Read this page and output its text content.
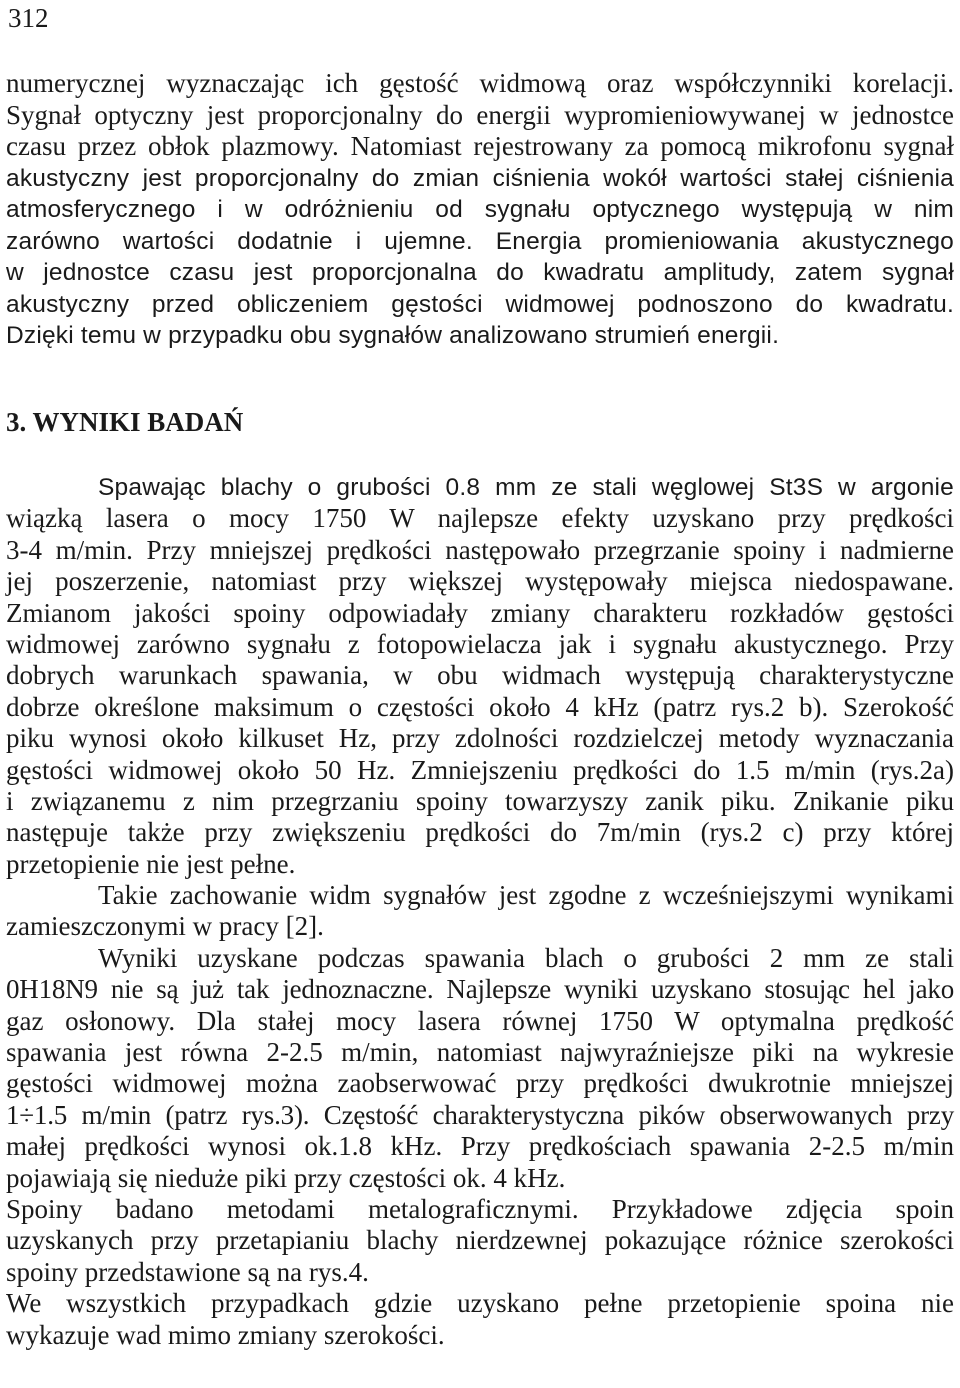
312
numerycznej wyznaczając ich gęstość widmową oraz współczynniki korelacji.
Sygnał optyczny jest proporcjonalny do energii wypromieniowywanej w jednostce
czasu przez obłok plazmowy. Natomiast rejestrowany za pomocą mikrofonu sygnał
akustyczny jest proporcjonalny do zmian ciśnienia wokół wartości stałej ciśnienia
atmosferycznego i w odróżnieniu od sygnału optycznego występują w nim
zarówno wartości dodatnie i ujemne. Energia promieniowania akustycznego
w jednostce czasu jest proporcjonalna do kwadratu amplitudy, zatem sygnał
akustyczny przed obliczeniem gęstości widmowej podnoszono do kwadratu.
Dzięki temu w przypadku obu sygnałów analizowano strumień energii.
3. WYNIKI BADAŃ
Spawając blachy o grubości 0.8 mm ze stali węglowej St3S w argonie
wiązką lasera o mocy 1750 W najlepsze efekty uzyskano przy prędkości
3-4 m/min. Przy mniejszej prędkości następowało przegrzanie spoiny i nadmierne
jej poszerzenie, natomiast przy większej występowały miejsca niedospawane.
Zmianom jakości spoiny odpowiadały zmiany charakteru rozkładów gęstości
widmowej zarówno sygnału z fotopowielacza jak i sygnału akustycznego. Przy
dobrych warunkach spawania, w obu widmach występują charakterystyczne
dobrze określone maksimum o częstości około 4 kHz (patrz rys.2 b). Szerokość
piku wynosi około kilkuset Hz, przy zdolności rozdzielczej metody wyznaczania
gęstości widmowej około 50 Hz. Zmniejszeniu prędkości do 1.5 m/min (rys.2a)
i związanemu z nim przegrzaniu spoiny towarzyszy zanik piku. Znikanie piku
następuje także przy zwiększeniu prędkości do 7m/min (rys.2 c) przy której
przetopienie nie jest pełne.
Takie zachowanie widm sygnałów jest zgodne z wcześniejszymi wynikami
zamieszczonymi w pracy [2].
Wyniki uzyskane podczas spawania blach o grubości 2 mm ze stali
0H18N9 nie są już tak jednoznaczne. Najlepsze wyniki uzyskano stosując hel jako
gaz osłonowy. Dla stałej mocy lasera równej 1750 W optymalna prędkość
spawania jest równa 2-2.5 m/min, natomiast najwyraźniejsze piki na wykresie
gęstości widmowej można zaobserwować przy prędkości dwukrotnie mniejszej
1÷1.5 m/min (patrz rys.3). Częstość charakterystyczna pików obserwowanych przy
małej prędkości wynosi ok.1.8 kHz. Przy prędkościach spawania 2-2.5 m/min
pojawiają się nieduże piki przy częstości ok. 4 kHz.
Spoiny badano metodami metalograficznymi. Przykładowe zdjęcia spoin
uzyskanych przy przetapianiu blachy nierdzewnej pokazujące różnice szerokości
spoiny przedstawione są na rys.4.
We wszystkich przypadkach gdzie uzyskano pełne przetopienie spoina nie
wykazuje wad mimo zmiany szerokości.
